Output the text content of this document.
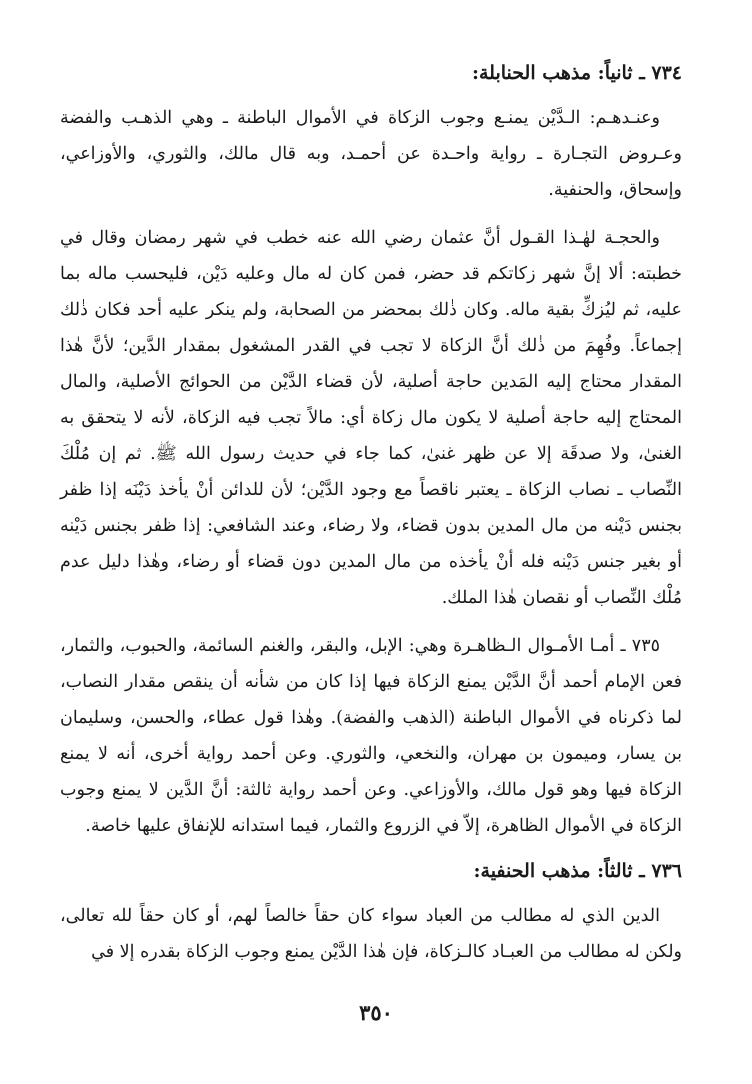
٧٣٤ ـ ثانياً: مذهب الحنابلة:

وعنـدهـم: الـدَّيْن يمنـع وجوب الزكاة في الأموال الباطنة ـ وهي الذهـب والفضة وعـروض التجـارة ـ رواية واحـدة عن أحمـد، وبه قال مالك، والثوري، والأوزاعي، وإسحاق، والحنفية.

والحجـة لهٰـذا القـول أنَّ عثمان رضي الله عنه خطب في شهر رمضان وقال في خطبته: ألا إنَّ شهر زكاتكم قد حضر، فمن كان له مال وعليه دَيْن، فليحسب ماله بما عليه، ثم ليُزكِّ بقية ماله. وكان ذٰلك بمحضر من الصحابة، ولم ينكر عليه أحد فكان ذٰلك إجماعاً. وفُهِمَ من ذٰلك أنَّ الزكاة لا تجب في القدر المشغول بمقدار الدَّين؛ لأنَّ هٰذا المقدار محتاج إليه المَدين حاجة أصلية، لأن قضاء الدَّيْن من الحوائج الأصلية، والمال المحتاج إليه حاجة أصلية لا يكون مال زكاة أي: مالاً تجب فيه الزكاة، لأنه لا يتحقق به الغنىٰ، ولا صدقَة إلا عن ظهر غنىٰ، كما جاء في حديث رسول الله ﷺ. ثم إن مُلْكَ النِّصاب ـ نصاب الزكاة ـ يعتبر ناقصاً مع وجود الدَّيْن؛ لأن للدائن أنْ يأخذ دَيْنَه إذا ظفر بجنس دَيْنه من مال المدين بدون قضاء، ولا رضاء، وعند الشافعي: إذا ظفر بجنس دَيْنه أو بغير جنس دَيْنه فله أنْ يأخذه من مال المدين دون قضاء أو رضاء، وهٰذا دليل عدم مُلْك النِّصاب أو نقصان هٰذا الملك.

٧٣٥ ـ أمـا الأمـوال الـظاهـرة وهي: الإبل، والبقر، والغنم السائمة، والحبوب، والثمار، فعن الإمام أحمد أنَّ الدَّيْن يمنع الزكاة فيها إذا كان من شأنه أن ينقص مقدار النصاب، لما ذكرناه في الأموال الباطنة (الذهب والفضة). وهٰذا قول عطاء، والحسن، وسليمان بن يسار، وميمون بن مهران، والنخعي، والثوري. وعن أحمد رواية أخرى، أنه لا يمنع الزكاة فيها وهو قول مالك، والأوزاعي. وعن أحمد رواية ثالثة: أنَّ الدَّين لا يمنع وجوب الزكاة في الأموال الظاهرة، إلاّ في الزروع والثمار، فيما استدانه للإنفاق عليها خاصة.

٧٣٦ ـ ثالثاً: مذهب الحنفية:

الدين الذي له مطالب من العباد سواء كان حقاً خالصاً لهم، أو كان حقاً لله تعالى، ولكن له مطالب من العبـاد كالـزكاة، فإن هٰذا الدَّيْن يمنع وجوب الزكاة بقدره إلا في

٣٥٠
